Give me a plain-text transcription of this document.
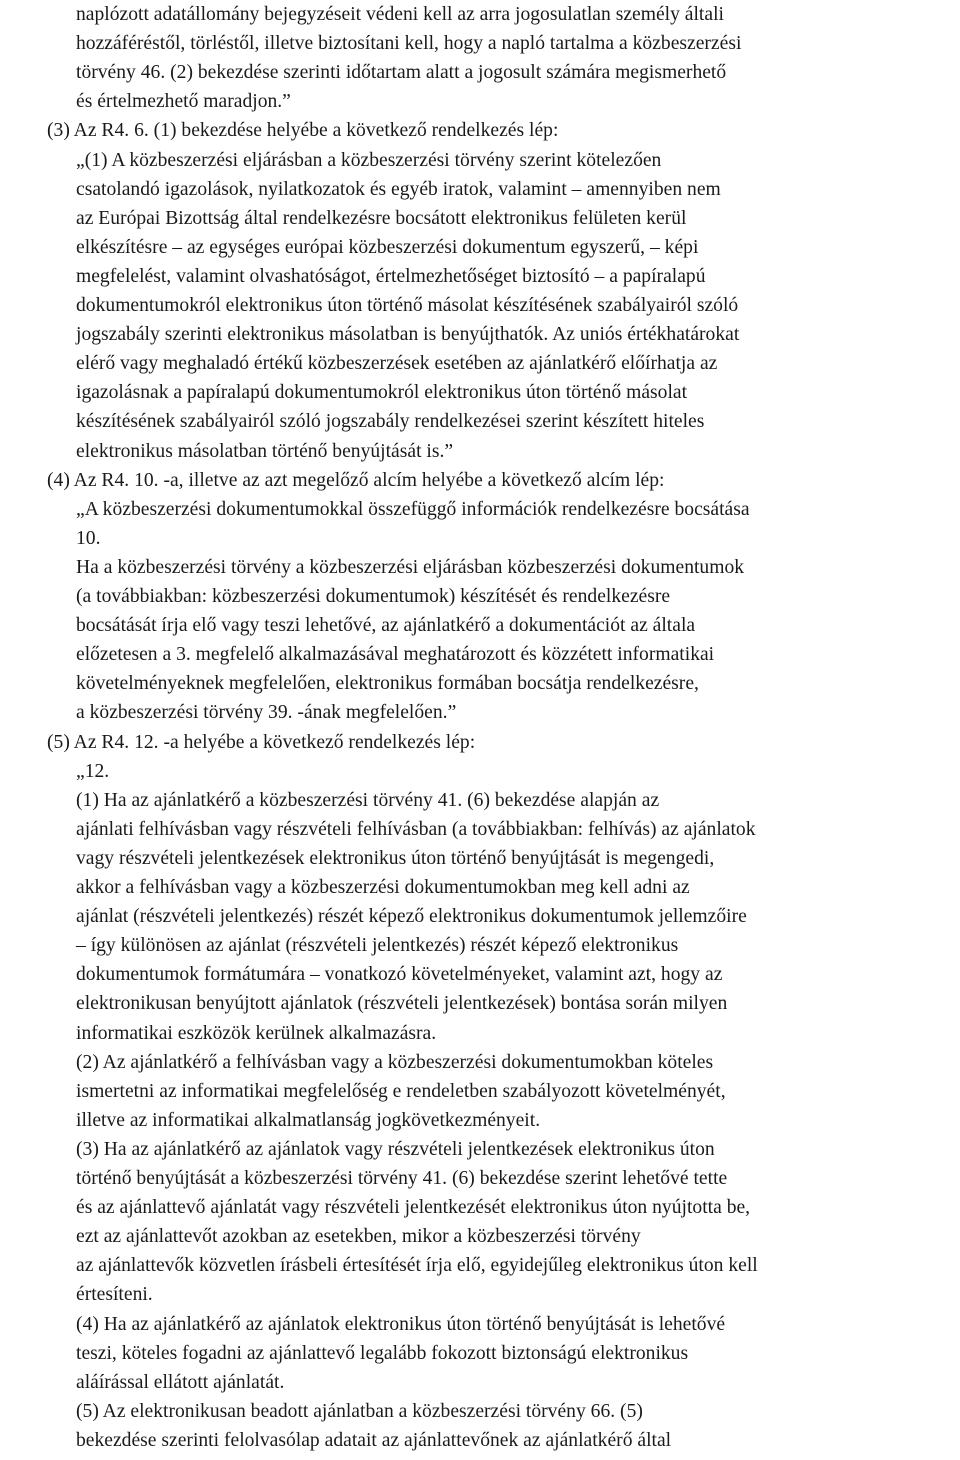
naplózott adatállomány bejegyzéseit védeni kell az arra jogosulatlan személy általi
hozzáféréstől, törléstől, illetve biztosítani kell, hogy a napló tartalma a közbeszerzési
törvény 46. (2) bekezdése szerinti időtartam alatt a jogosult számára megismerhető
és értelmezhető maradjon.”
(3) Az R4. 6. (1) bekezdése helyébe a következő rendelkezés lép:
„(1) A közbeszerzési eljárásban a közbeszerzési törvény szerint kötelezően
csatolandó igazolások, nyilatkozatok és egyéb iratok, valamint – amennyiben nem
az Európai Bizottság által rendelkezésre bocsátott elektronikus felületen kerül
elkészítésre – az egységes európai közbeszerzési dokumentum egyszerű, – képi
megfelelést, valamint olvashatóságot, értelmezhetőséget biztosító – a papíralapú
dokumentumokról elektronikus úton történő másolat készítésének szabályairól szóló
jogszabály szerinti elektronikus másolatban is benyújthatók. Az uniós értékhatárokat
elérő vagy meghaladó értékű közbeszerzések esetében az ajánlatkérő előírhatja az
igazolásnak a papíralapú dokumentumokról elektronikus úton történő másolat
készítésének szabályairól szóló jogszabály rendelkezései szerint készített hiteles
elektronikus másolatban történő benyújtását is.”
(4) Az R4. 10. -a, illetve az azt megelőző alcím helyébe a következő alcím lép:
„A közbeszerzési dokumentumokkal összefüggő információk rendelkezésre bocsátása
10.
Ha a közbeszerzési törvény a közbeszerzési eljárásban közbeszerzési dokumentumok
(a továbbiakban: közbeszerzési dokumentumok) készítését és rendelkezésre
bocsátását írja elő vagy teszi lehetővé, az ajánlatkérő a dokumentációt az általa
előzetesen a 3. megfelelő alkalmazásával meghatározott és közzétett informatikai
követelményeknek megfelelően, elektronikus formában bocsátja rendelkezésre,
a közbeszerzési törvény 39. -ának megfelelően.”
(5) Az R4. 12. -a helyébe a következő rendelkezés lép:
„12.
(1) Ha az ajánlatkérő a közbeszerzési törvény 41. (6) bekezdése alapján az
ajánlati felhívásban vagy részvételi felhívásban (a továbbiakban: felhívás) az ajánlatok
vagy részvételi jelentkezések elektronikus úton történő benyújtását is megengedi,
akkor a felhívásban vagy a közbeszerzési dokumentumokban meg kell adni az
ajánlat (részvételi jelentkezés) részét képező elektronikus dokumentumok jellemzőire
– így különösen az ajánlat (részvételi jelentkezés) részét képező elektronikus
dokumentumok formátumára – vonatkozó követelményeket, valamint azt, hogy az
elektronikusan benyújtott ajánlatok (részvételi jelentkezések) bontása során milyen
informatikai eszközök kerülnek alkalmazásra.
(2) Az ajánlatkérő a felhívásban vagy a közbeszerzési dokumentumokban köteles
ismertetni az informatikai megfelelőség e rendeletben szabályozott követelményét,
illetve az informatikai alkalmatlanság jogkövetkezményeit.
(3) Ha az ajánlatkérő az ajánlatok vagy részvételi jelentkezések elektronikus úton
történő benyújtását a közbeszerzési törvény 41. (6) bekezdése szerint lehetővé tette
és az ajánlattevő ajánlatát vagy részvételi jelentkezését elektronikus úton nyújtotta be,
ezt az ajánlattevőt azokban az esetekben, mikor a közbeszerzési törvény
az ajánlattevők közvetlen írásbeli értesítését írja elő, egyidejűleg elektronikus úton kell
értesíteni.
(4) Ha az ajánlatkérő az ajánlatok elektronikus úton történő benyújtását is lehetővé
teszi, köteles fogadni az ajánlattevő legalább fokozott biztonságú elektronikus
aláírással ellátott ajánlatát.
(5) Az elektronikusan beadott ajánlatban a közbeszerzési törvény 66. (5)
bekezdése szerinti felolvasólap adatait az ajánlattevőnek az ajánlatkérő által
